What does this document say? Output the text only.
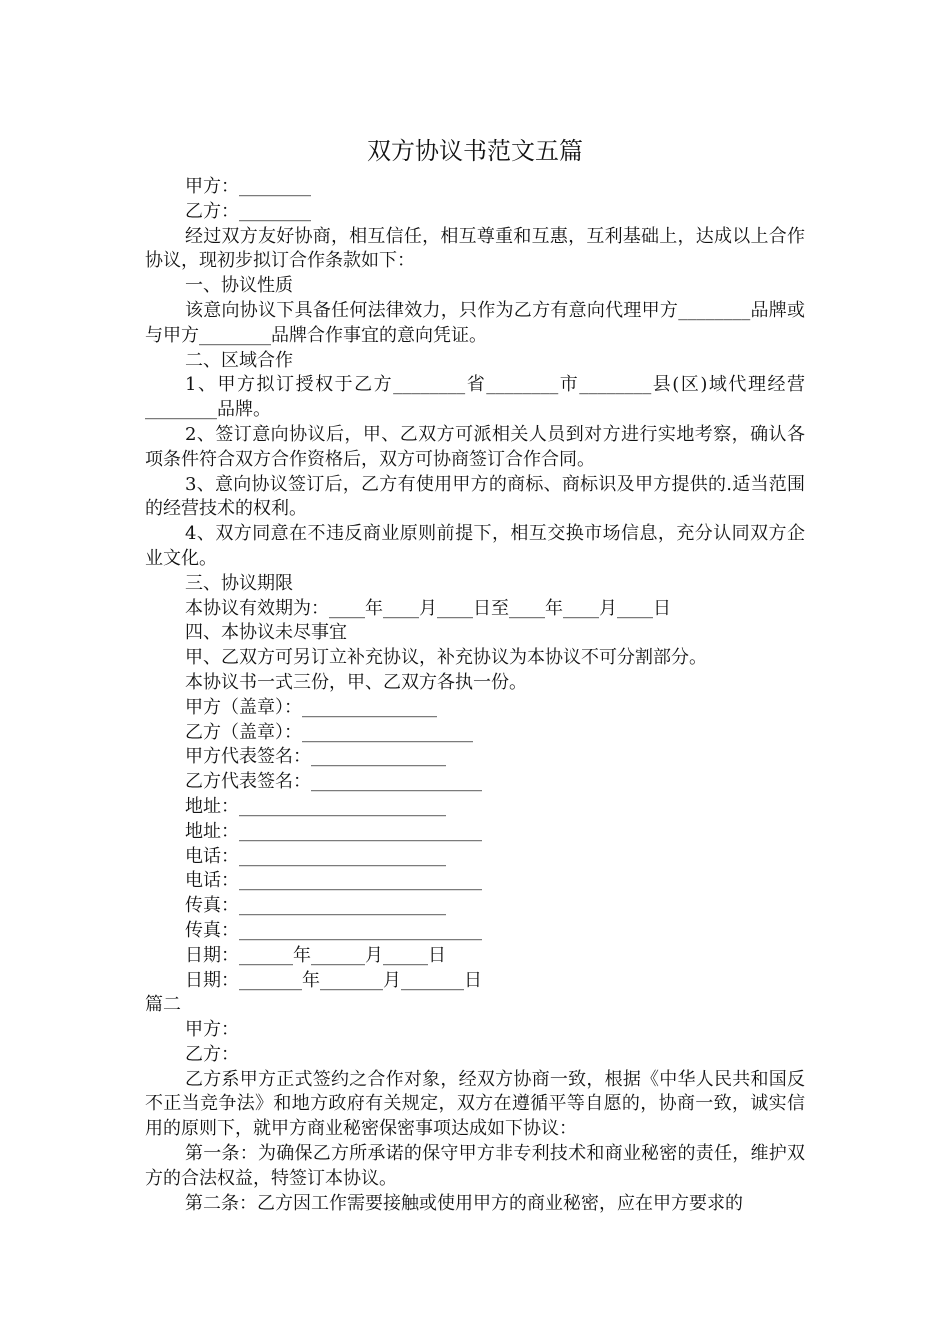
双方协议书范文五篇

甲方：________

乙方：________

经过双方友好协商，相互信任，相互尊重和互惠，互利基础上，达成以上合作协议，现初步拟订合作条款如下：

一、协议性质

该意向协议下具备任何法律效力，只作为乙方有意向代理甲方________品牌或与甲方________品牌合作事宜的意向凭证。

二、区域合作

1、甲方拟订授权于乙方________省________市________县(区)域代理经营________品牌。

2、签订意向协议后，甲、乙双方可派相关人员到对方进行实地考察，确认各项条件符合双方合作资格后，双方可协商签订合作合同。

3、意向协议签订后，乙方有使用甲方的商标、商标识及甲方提供的.适当范围的经营技术的权利。

4、双方同意在不违反商业原则前提下，相互交换市场信息，充分认同双方企业文化。

三、协议期限

本协议有效期为：____年____月____日至____年____月____日

四、本协议未尽事宜

甲、乙双方可另订立补充协议，补充协议为本协议不可分割部分。

本协议书一式三份，甲、乙双方各执一份。

甲方（盖章）：_______________

乙方（盖章）：___________________

甲方代表签名：_______________

乙方代表签名：___________________

地址：_______________________

地址：___________________________

电话：_______________________

电话：___________________________

传真：_______________________

传真：___________________________

日期：______年______月_____日

日期：_______年_______月_______日

篇二

甲方：

乙方：

乙方系甲方正式签约之合作对象，经双方协商一致，根据《中华人民共和国反不正当竞争法》和地方政府有关规定，双方在遵循平等自愿的，协商一致，诚实信用的原则下，就甲方商业秘密保密事项达成如下协议：

第一条：为确保乙方所承诺的保守甲方非专利技术和商业秘密的责任，维护双方的合法权益，特签订本协议。

第二条：乙方因工作需要接触或使用甲方的商业秘密，应在甲方要求的
